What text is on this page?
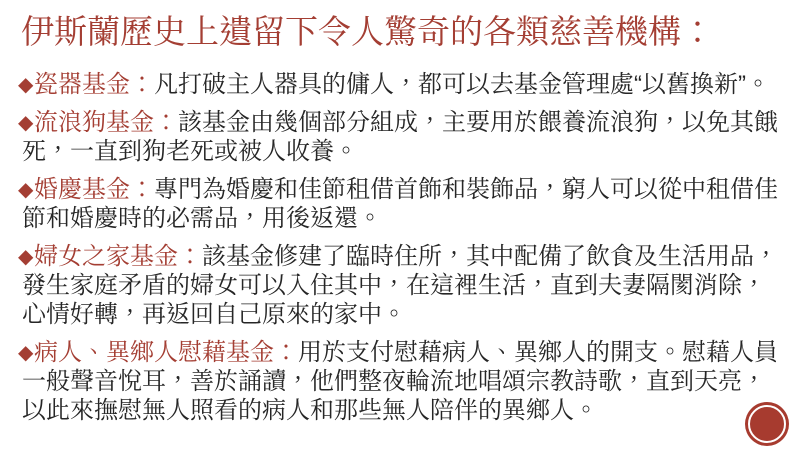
伊斯蘭歷史上遺留下令人驚奇的各類慈善機構：
◆ 瓷器基金：凡打破主人器具的傭人，都可以去基金管理處“以舊換新”。
◆ 流浪狗基金：該基金由幾個部分組成，主要用於餵養流浪狗，以免其餓死，一直到狗老死或被人收養。
◆ 婚慶基金：專門為婚慶和佳節租借首飾和裝飾品，窮人可以從中租借佳節和婚慶時的必需品，用後返還。
◆ 婦女之家基金：該基金修建了臨時住所，其中配備了飲食及生活用品，發生家庭矛盾的婦女可以入住其中，在這裡生活，直到夫妻隔閡消除，心情好轉，再返回自己原來的家中。
◆ 病人、異鄉人慰藉基金：用於支付慰藉病人、異鄉人的開支。慰藉人員一般聲音悅耳，善於誦讀，他們整夜輪流地唱頌宗教詩歌，直到天亮，以此來撫慰無人照看的病人和那些無人陪伴的異鄉人。
